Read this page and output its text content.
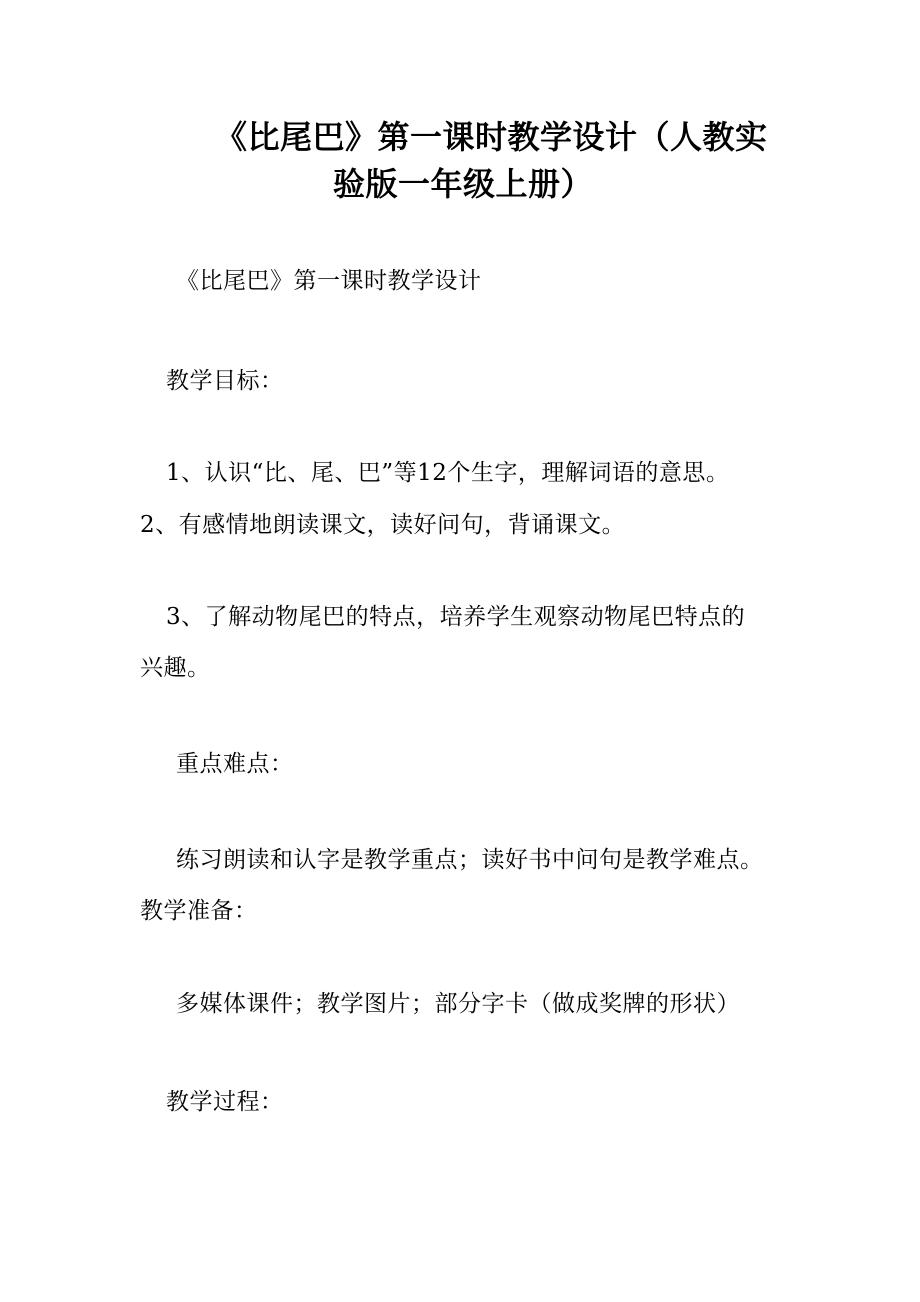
《比尾巴》第一课时教学设计（人教实
验版一年级上册）
《比尾巴》第一课时教学设计
教学目标：
1、认识“比、尾、巴”等12个生字，理解词语的意思。
2、有感情地朗读课文，读好问句，背诵课文。
3、了解动物尾巴的特点，培养学生观察动物尾巴特点的
兴趣。
重点难点：
练习朗读和认字是教学重点；读好书中问句是教学难点。
教学准备：
多媒体课件；教学图片；部分字卡（做成奖牌的形状）
教学过程：
